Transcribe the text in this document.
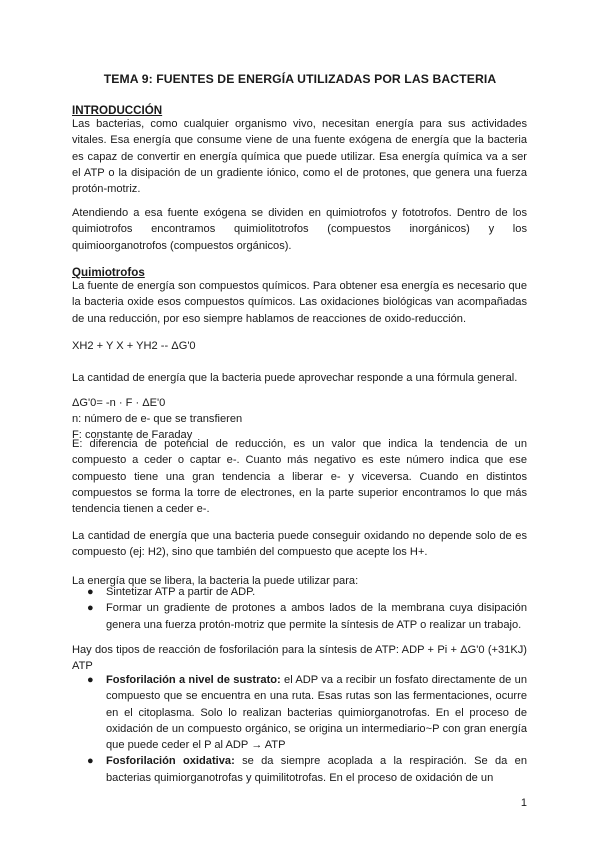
TEMA 9: FUENTES DE ENERGÍA UTILIZADAS POR LAS BACTERIA
INTRODUCCIÓN
Las bacterias, como cualquier organismo vivo, necesitan energía para sus actividades vitales. Esa energía que consume viene de una fuente exógena de energía que la bacteria es capaz de convertir en energía química que puede utilizar. Esa energía química va a ser el ATP o la disipación de un gradiente iónico, como el de protones, que genera una fuerza protón-motriz.
Atendiendo a esa fuente exógena se dividen en quimiotrofos y fototrofos. Dentro de los quimiotrofos encontramos quimiolitotrofos (compuestos inorgánicos) y los quimioorganotrofos (compuestos orgánicos).
Quimiotrofos
La fuente de energía son compuestos químicos. Para obtener esa energía es necesario que la bacteria oxide esos compuestos químicos. Las oxidaciones biológicas van acompañadas de una reducción, por eso siempre hablamos de reacciones de oxido-reducción.
XH2 + Y X + YH2 -- ΔG'0
La cantidad de energía que la bacteria puede aprovechar responde a una fórmula general.
ΔG'0= -n · F · ΔE'0
n: número de e- que se transfieren
F: constante de Faraday
E: diferencia de potencial de reducción, es un valor que indica la tendencia de un compuesto a ceder o captar e-. Cuanto más negativo es este número indica que ese compuesto tiene una gran tendencia a liberar e- y viceversa. Cuando en distintos compuestos se forma la torre de electrones, en la parte superior encontramos lo que más tendencia tienen a ceder e-.
La cantidad de energía que una bacteria puede conseguir oxidando no depende solo de es compuesto (ej: H2), sino que también del compuesto que acepte los H+.
La energía que se libera, la bacteria la puede utilizar para:
● Sintetizar ATP a partir de ADP.
● Formar un gradiente de protones a ambos lados de la membrana cuya disipación genera una fuerza protón-motriz que permite la síntesis de ATP o realizar un trabajo.
Hay dos tipos de reacción de fosforilación para la síntesis de ATP: ADP + Pi + ΔG'0 (+31KJ) ATP
● Fosforilación a nivel de sustrato: el ADP va a recibir un fosfato directamente de un compuesto que se encuentra en una ruta. Esas rutas son las fermentaciones, ocurre en el citoplasma. Solo lo realizan bacterias quimiorganotrofas. En el proceso de oxidación de un compuesto orgánico, se origina un intermediario~P con gran energía que puede ceder el P al ADP → ATP
● Fosforilación oxidativa: se da siempre acoplada a la respiración. Se da en bacterias quimiorganotrofas y quimilitotrofas. En el proceso de oxidación de un
1
